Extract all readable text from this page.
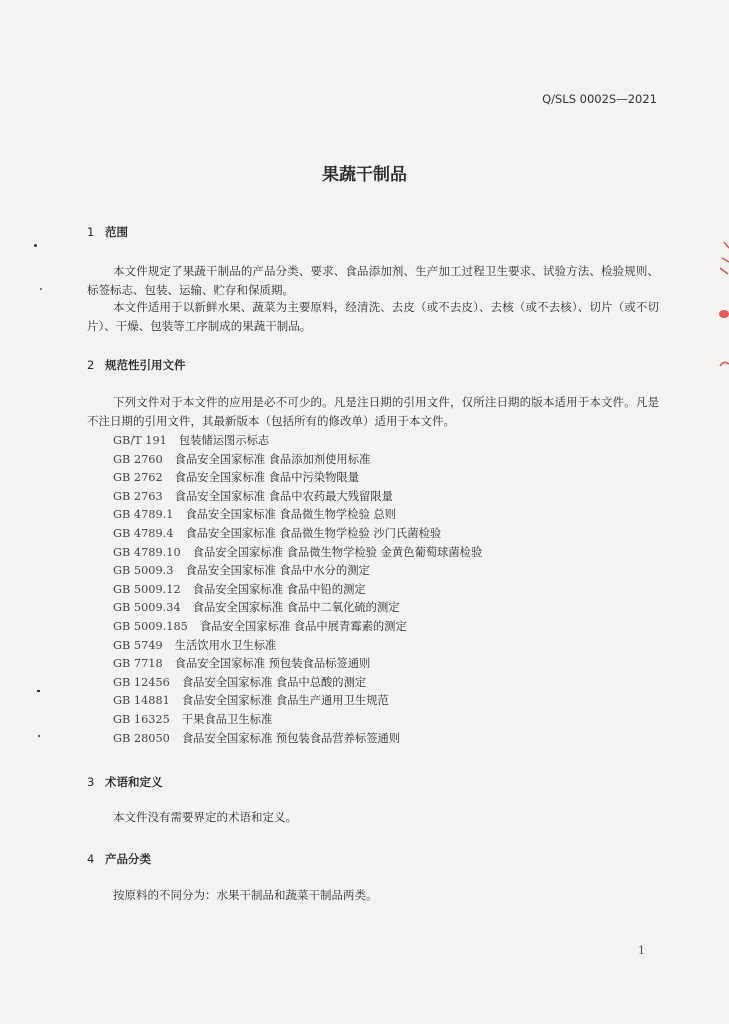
Q/SLS 0002S—2021
果蔬干制品
1 范围

本文件规定了果蔬干制品的产品分类、要求、食品添加剂、生产加工过程卫生要求、试验方法、检验规则、标签标志、包装、运输、贮存和保质期。

本文件适用于以新鲜水果、蔬菜为主要原料，经清洗、去皮（或不去皮）、去核（或不去核）、切片（或不切片）、干燥、包装等工序制成的果蔬干制品。

2 规范性引用文件

下列文件对于本文件的应用是必不可少的。凡是注日期的引用文件，仅所注日期的版本适用于本文件。凡是不注日期的引用文件，其最新版本（包括所有的修改单）适用于本文件。

GB/T 191 包装储运图示标志
GB 2760 食品安全国家标准 食品添加剂使用标准
GB 2762 食品安全国家标准 食品中污染物限量
GB 2763 食品安全国家标准 食品中农药最大残留限量
GB 4789.1 食品安全国家标准 食品微生物学检验 总则
GB 4789.4 食品安全国家标准 食品微生物学检验 沙门氏菌检验
GB 4789.10 食品安全国家标准 食品微生物学检验 金黄色葡萄球菌检验
GB 5009.3 食品安全国家标准 食品中水分的测定
GB 5009.12 食品安全国家标准 食品中铅的测定
GB 5009.34 食品安全国家标准 食品中二氧化硫的测定
GB 5009.185 食品安全国家标准 食品中展青霉素的测定
GB 5749 生活饮用水卫生标准
GB 7718 食品安全国家标准 预包装食品标签通则
GB 12456 食品安全国家标准 食品中总酸的测定
GB 14881 食品安全国家标准 食品生产通用卫生规范
GB 16325 干果食品卫生标准
GB 28050 食品安全国家标准 预包装食品营养标签通则
3 术语和定义

本文件没有需要界定的术语和定义。

4 产品分类

按原料的不同分为：水果干制品和蔬菜干制品两类。

1
